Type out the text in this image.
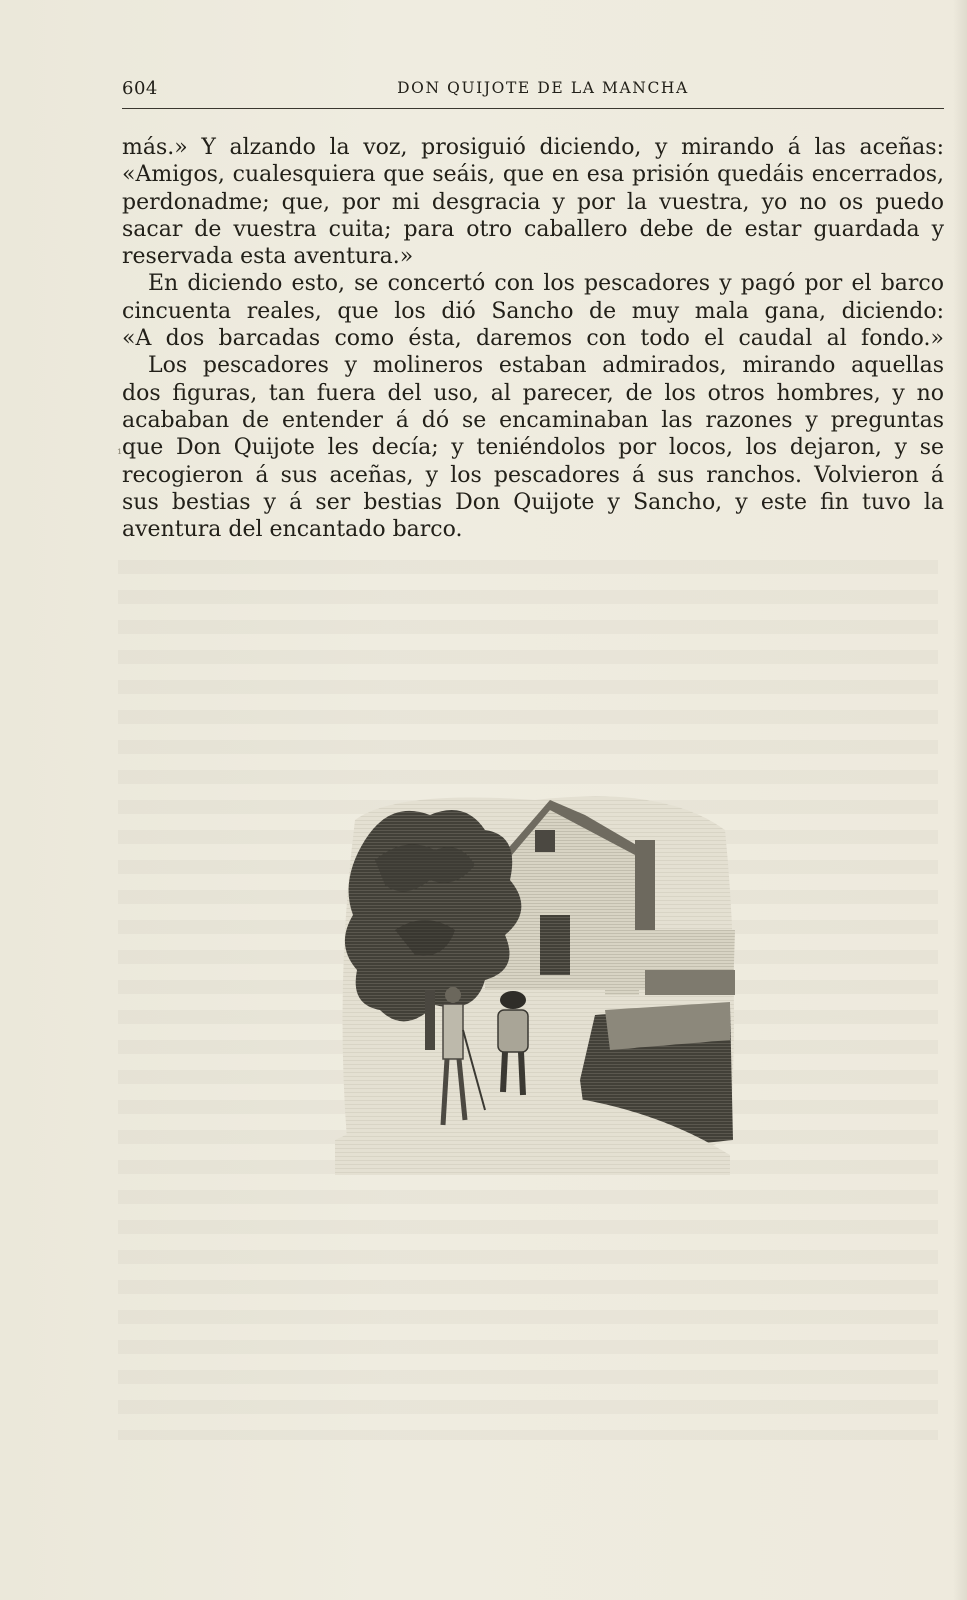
604	DON QUIJOTE DE LA MANCHA
¹
más.» Y alzando la voz, prosiguió diciendo, y mirando á las aceñas:
«Amigos, cualesquiera que seáis, que en esa prisión quedáis encerrados,
perdonadme; que, por mi desgracia y por la vuestra, yo no os puedo
sacar de vuestra cuita; para otro caballero debe de estar guardada y
reservada esta aventura.»
En diciendo esto, se concertó con los pescadores y pagó por el barco
cincuenta reales, que los dió Sancho de muy mala gana, diciendo:
«A dos barcadas como ésta, daremos con todo el caudal al fondo.»
Los pescadores y molineros estaban admirados, mirando aquellas
dos figuras, tan fuera del uso, al parecer, de los otros hombres, y no
acababan de entender á dó se encaminaban las razones y preguntas
que Don Quijote les decía; y teniéndolos por locos, los dejaron, y se
recogieron á sus aceñas, y los pescadores á sus ranchos. Volvieron á
sus bestias y á ser bestias Don Quijote y Sancho, y este fin tuvo la
aventura del encantado barco.
